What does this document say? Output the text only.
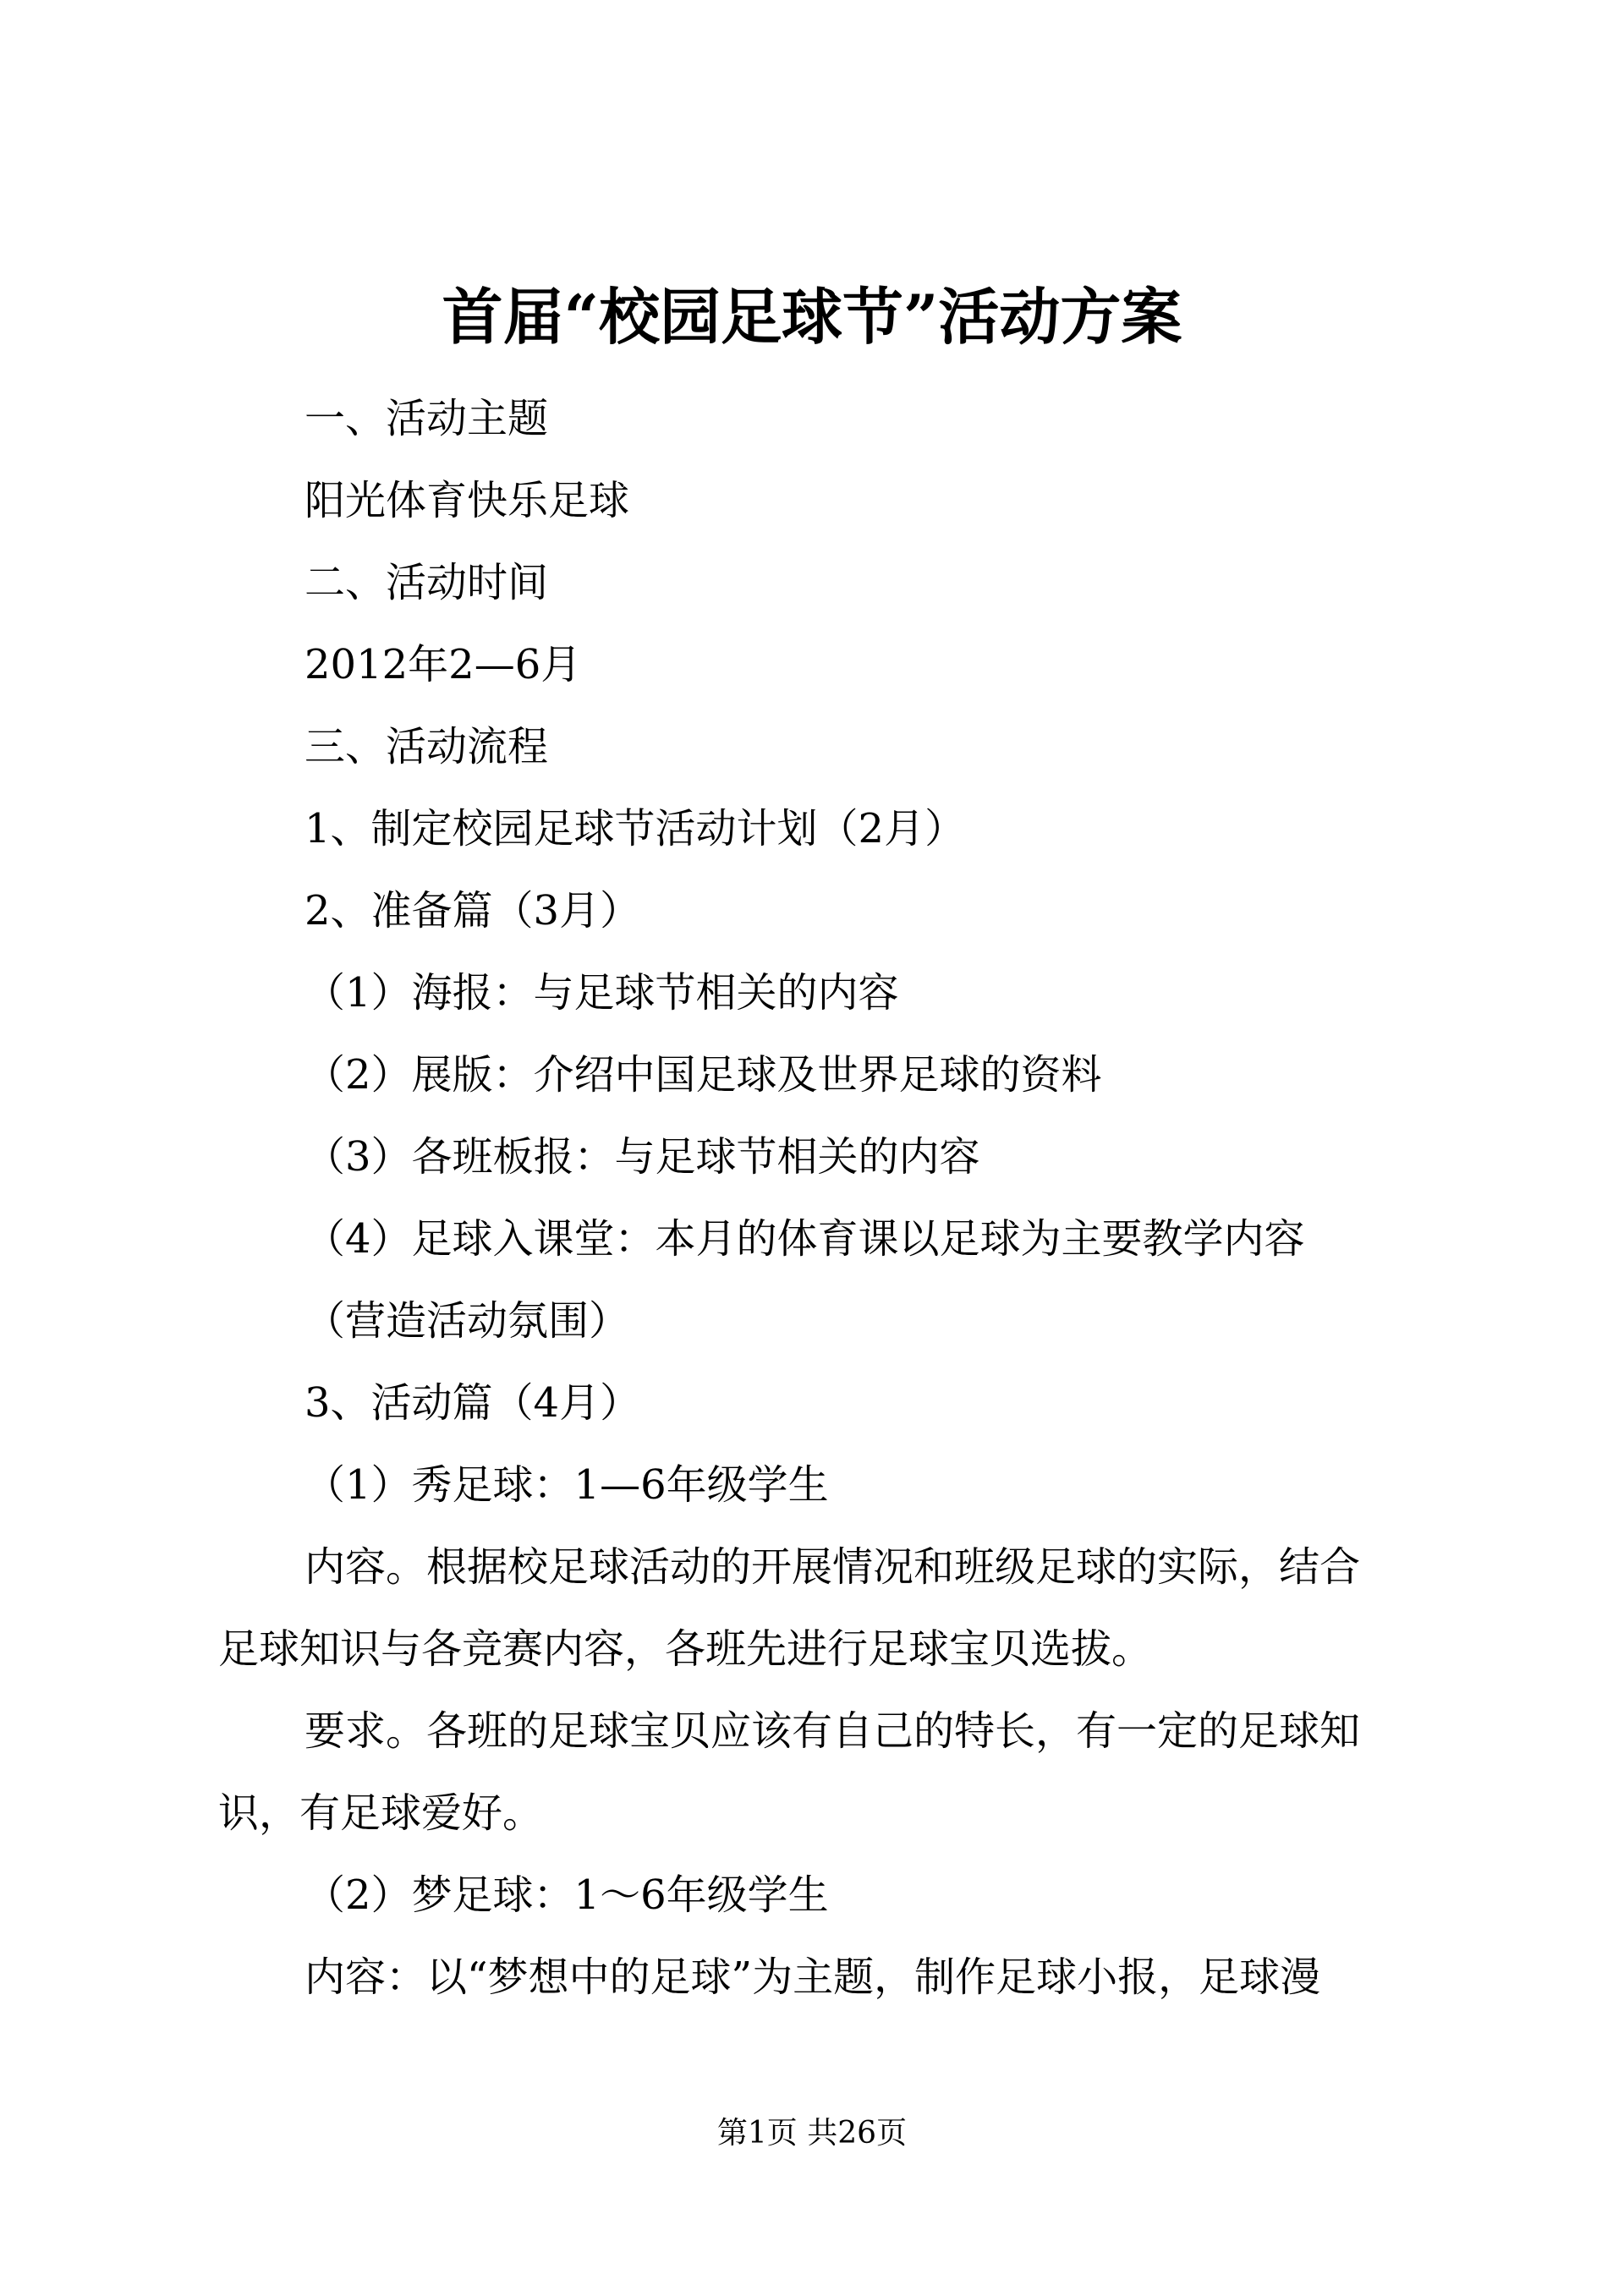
首届“校园足球节”活动方案
一、活动主题
阳光体育快乐足球
二、活动时间
2012年2—6月
三、活动流程
1、制定校园足球节活动计划（2月）
2、准备篇（3月）
（1）海报：与足球节相关的内容
（2）展版：介绍中国足球及世界足球的资料
（3）各班板报：与足球节相关的内容
（4）足球入课堂：本月的体育课以足球为主要教学内容
（营造活动氛围）
3、活动篇（4月）
（1）秀足球：1—6年级学生
内容。根据校足球活动的开展情况和班级足球的实际，结合
足球知识与各竞赛内容，各班先进行足球宝贝选拔。
要求。各班的足球宝贝应该有自己的特长，有一定的足球知
识，有足球爱好。
（2）梦足球：1～6年级学生
内容：以“梦想中的足球”为主题，制作足球小报，足球漫
第1页 共26页
